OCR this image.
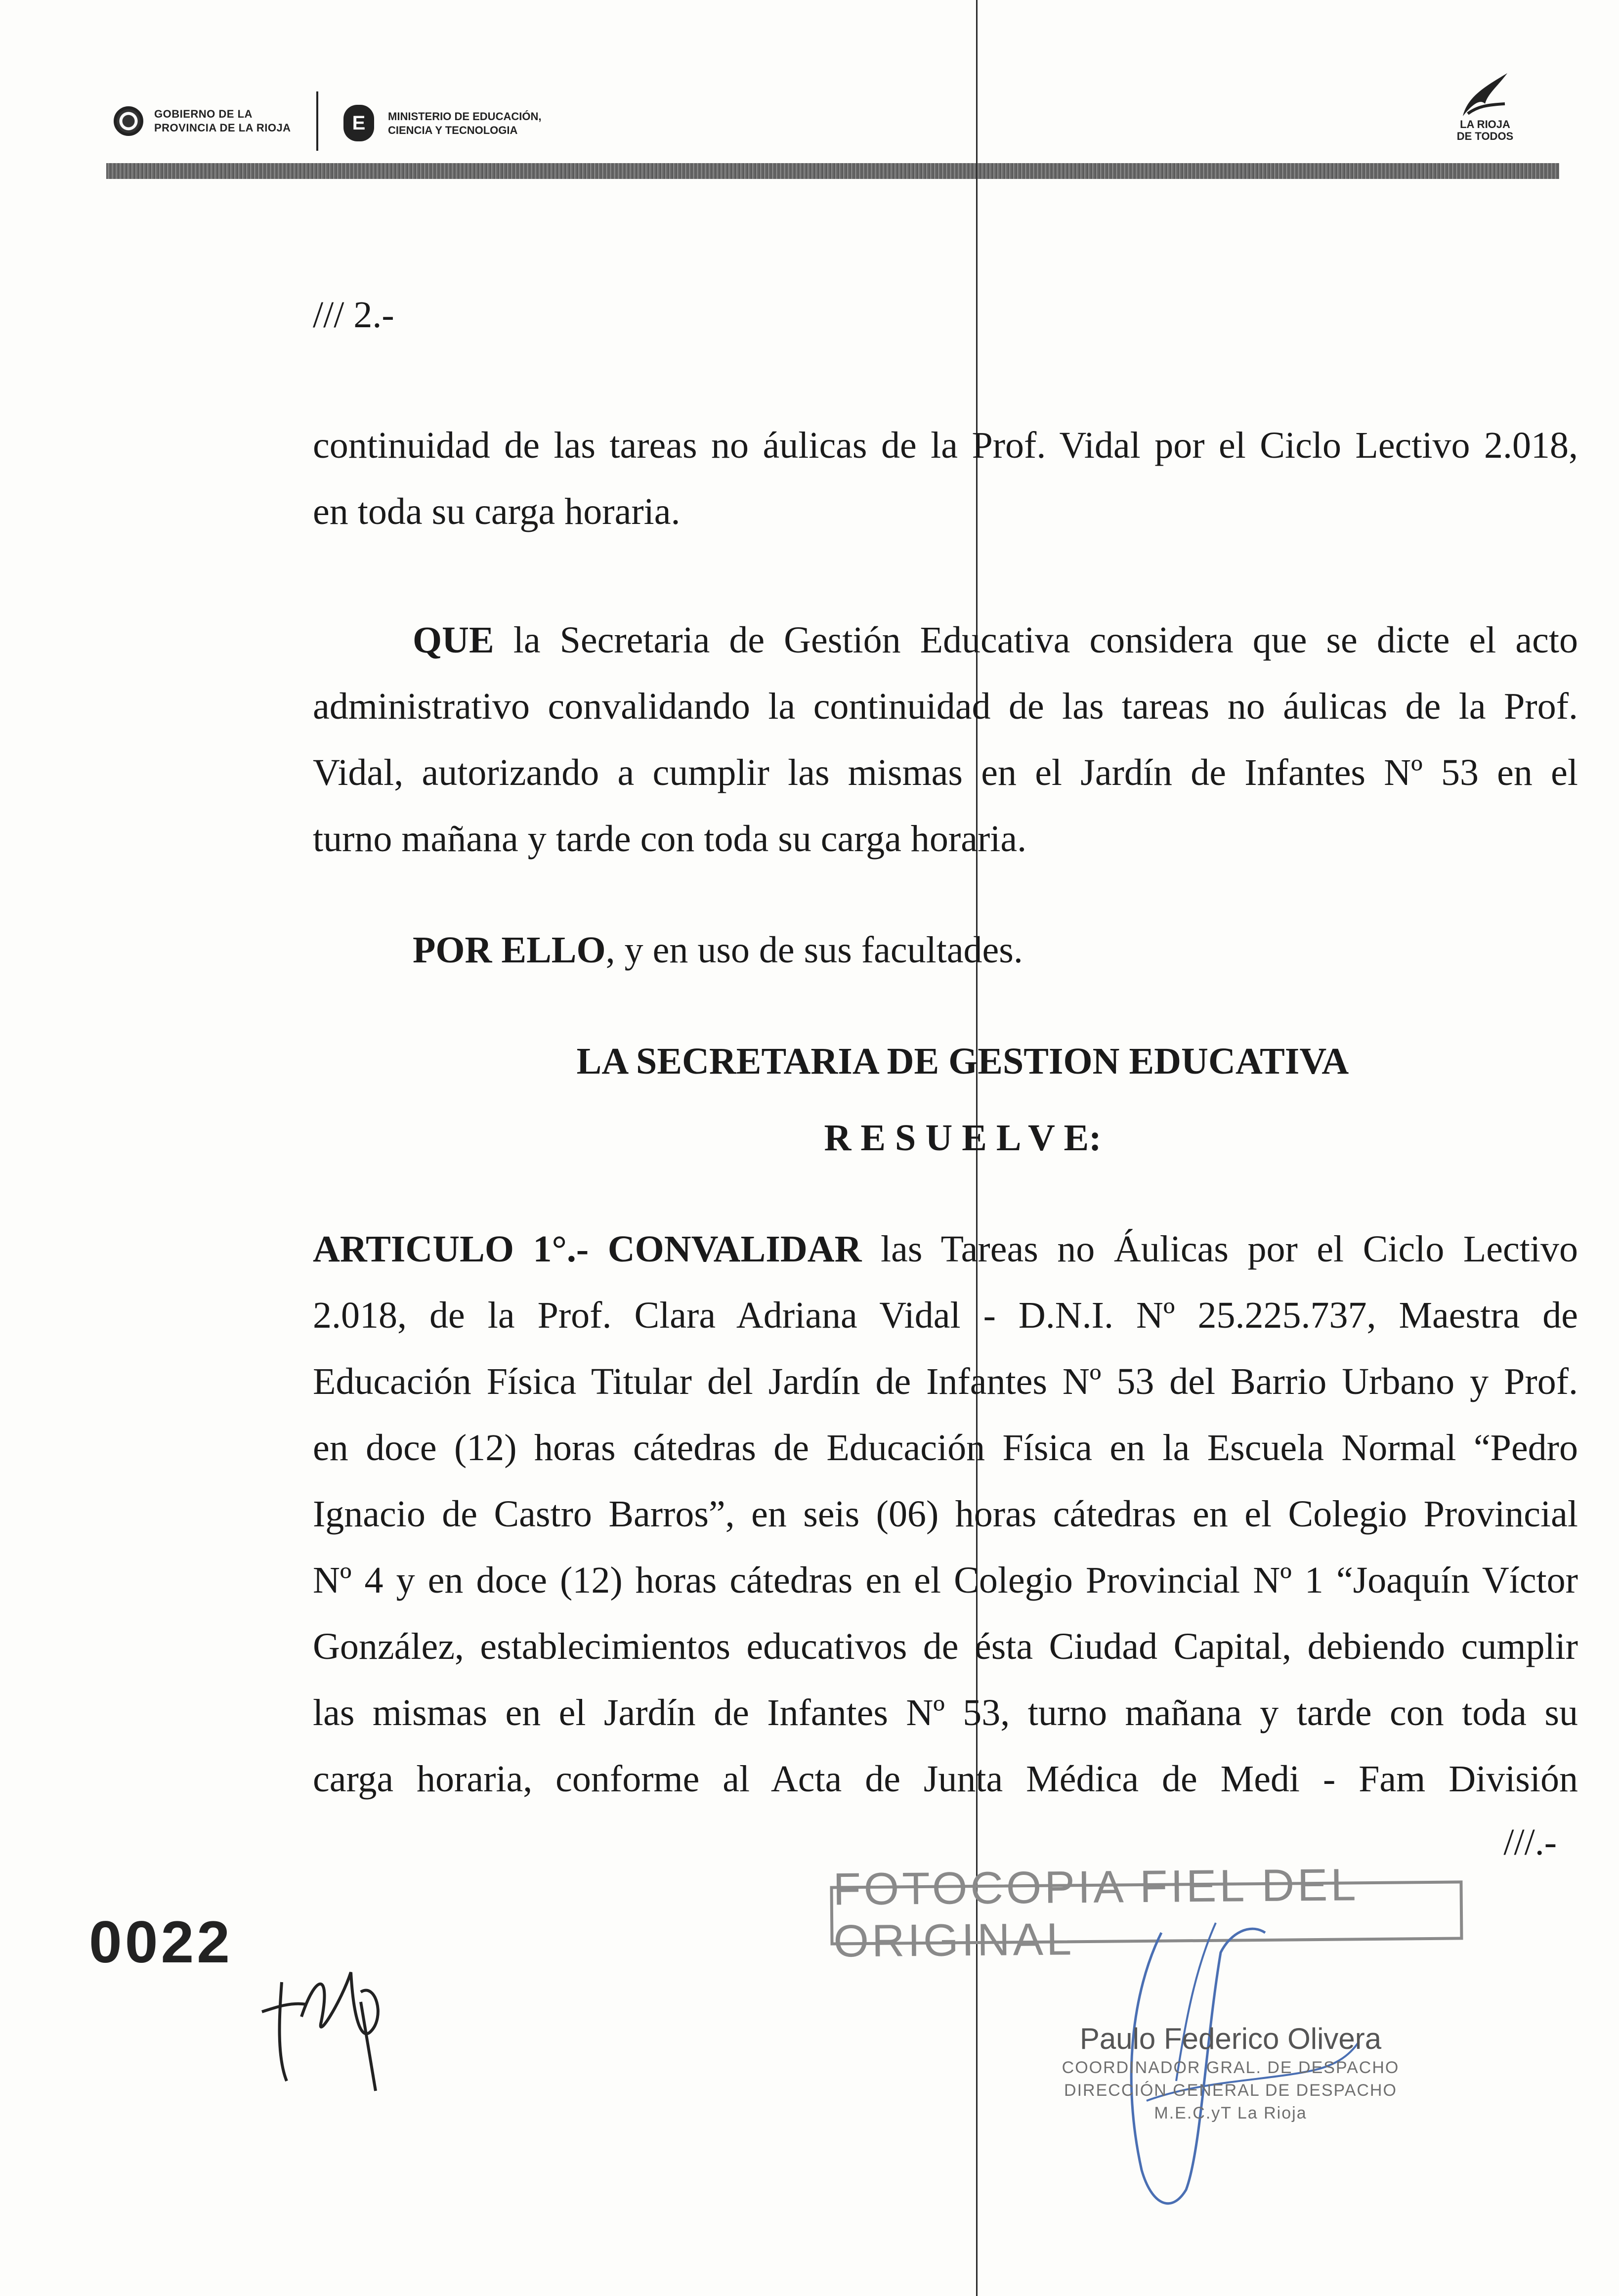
GOBIERNO DE LA
PROVINCIA DE LA RIOJA	E	MINISTERIO DE EDUCACIÓN,
CIENCIA Y TECNOLOGIA	LA RIOJA
DE TODOS
/// 2.-
continuidad de las tareas no áulicas de la Prof. Vidal por el Ciclo Lectivo 2.018,
en toda su carga horaria.
QUE la Secretaria de Gestión Educativa considera que se dicte el acto
administrativo convalidando la continuidad de las tareas no áulicas de la Prof.
Vidal, autorizando a cumplir las mismas en el Jardín de Infantes Nº 53 en el
turno mañana y tarde con toda su carga horaria.
POR ELLO, y en uso de sus facultades.
LA SECRETARIA DE GESTION EDUCATIVA
R E S U E L V E:
ARTICULO 1°.- CONVALIDAR las Tareas no Áulicas por el Ciclo Lectivo
2.018, de la Prof. Clara Adriana Vidal - D.N.I. Nº 25.225.737, Maestra de
Educación Física Titular del Jardín de Infantes Nº 53 del Barrio Urbano y Prof.
en doce (12) horas cátedras de Educación Física en la Escuela Normal “Pedro
Ignacio de Castro Barros”, en seis (06) horas cátedras en el Colegio Provincial
Nº 4 y en doce (12) horas cátedras en el Colegio Provincial Nº 1 “Joaquín Víctor
González, establecimientos educativos de ésta Ciudad Capital, debiendo cumplir
las mismas en el Jardín de Infantes Nº 53, turno mañana y tarde con toda su
carga horaria, conforme al Acta de Junta Médica de Medi - Fam División
///.-
0022
FOTOCOPIA FIEL DEL ORIGINAL
Paulo Federico Olivera
COORDINADOR GRAL. DE DESPACHO
DIRECCIÓN GENERAL DE DESPACHO
M.E.C.yT La Rioja
